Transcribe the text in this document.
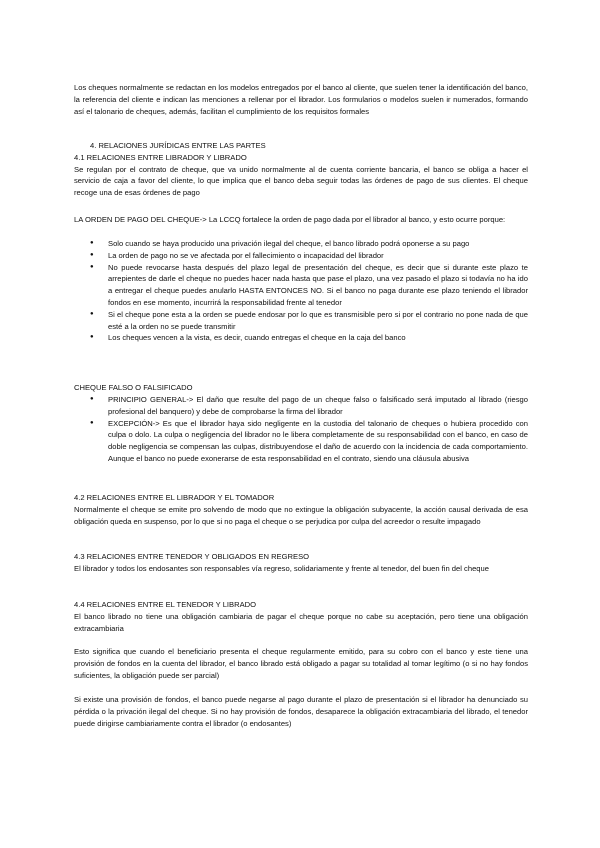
Los cheques normalmente se redactan en los modelos entregados por el banco al cliente, que suelen tener la identificación del banco, la referencia del cliente e indican las menciones a rellenar por el librador. Los formularios o modelos suelen ir numerados, formando así el talonario de cheques, además, facilitan el cumplimiento de los requisitos formales

4. RELACIONES JURÍDICAS ENTRE LAS PARTES

4.1 RELACIONES ENTRE LIBRADOR Y LIBRADO

Se regulan por el contrato de cheque, que va unido normalmente al de cuenta corriente bancaria, el banco se obliga a hacer el servicio de caja a favor del cliente, lo que implica que el banco deba seguir todas las órdenes de pago de sus clientes. El cheque recoge una de esas órdenes de pago

LA ORDEN DE PAGO DEL CHEQUE-> La LCCQ fortalece la orden de pago dada por el librador al banco, y esto ocurre porque:

● Solo cuando se haya producido una privación ilegal del cheque, el banco librado podrá oponerse a su pago
● La orden de pago no se ve afectada por el fallecimiento o incapacidad del librador
● No puede revocarse hasta después del plazo legal de presentación del cheque, es decir que si durante este plazo te arrepientes de darle el cheque no puedes hacer nada hasta que pase el plazo, una vez pasado el plazo si todavía no ha ido a entregar el cheque puedes anularlo HASTA ENTONCES NO. Si el banco no paga durante ese plazo teniendo el librador fondos en ese momento, incurrirá la responsabilidad frente al tenedor
● Si el cheque pone esta a la orden se puede endosar por lo que es transmisible pero si por el contrario no pone nada de que esté a la orden no se puede transmitir
● Los cheques vencen a la vista, es decir, cuando entregas el cheque en la caja del banco

CHEQUE FALSO O FALSIFICADO

● PRINCIPIO GENERAL-> El daño que resulte del pago de un cheque falso o falsificado será imputado al librado (riesgo profesional del banquero) y debe de comprobarse la firma del librador
● EXCEPCIÓN-> Es que el librador haya sido negligente en la custodia del talonario de cheques o hubiera procedido con culpa o dolo. La culpa o negligencia del librador no le libera completamente de su responsabilidad con el banco, en caso de doble negligencia se compensan las culpas, distribuyendose el daño de acuerdo con la incidencia de cada comportamiento. Aunque el banco no puede exonerarse de esta responsabilidad en el contrato, siendo una cláusula abusiva

4.2 RELACIONES ENTRE EL LIBRADOR Y EL TOMADOR

Normalmente el cheque se emite pro solvendo de modo que no extingue la obligación subyacente, la acción causal derivada de esa obligación queda en suspenso, por lo que si no paga el cheque o se perjudica por culpa del acreedor o resulte impagado

4.3 RELACIONES ENTRE TENEDOR Y OBLIGADOS EN REGRESO

El librador y todos los endosantes son responsables vía regreso, solidariamente y frente al tenedor, del buen fin del cheque

4.4 RELACIONES ENTRE EL TENEDOR Y LIBRADO

El banco librado no tiene una obligación cambiaria de pagar el cheque porque no cabe su aceptación, pero tiene una obligación extracambiaria

Esto significa que cuando el beneficiario presenta el cheque regularmente emitido, para su cobro con el banco y este tiene una provisión de fondos en la cuenta del librador, el banco librado está obligado a pagar su totalidad al tomar legítimo (o si no hay fondos suficientes, la obligación puede ser parcial)

Si existe una provisión de fondos, el banco puede negarse al pago durante el plazo de presentación si el librador ha denunciado su pérdida o la privación ilegal del cheque. Si no hay provisión de fondos, desaparece la obligación extracambiaria del librado, el tenedor puede dirigirse cambiariamente contra el librador (o endosantes)
